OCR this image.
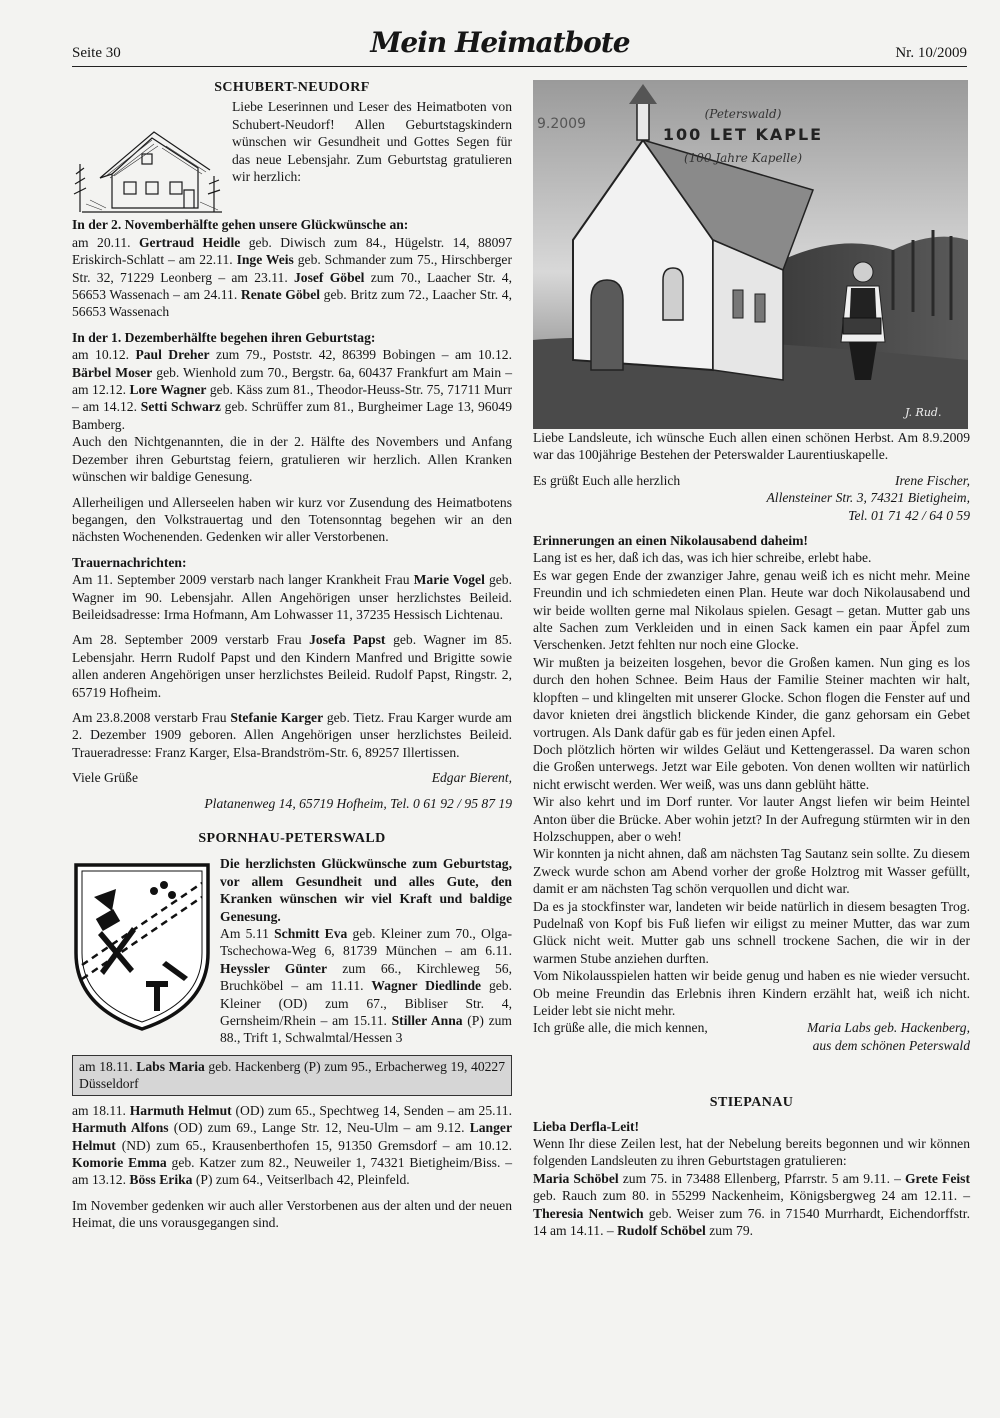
Seite 30	Mein Heimatbote	Nr. 10/2009
SCHUBERT-NEUDORF

Liebe Leserinnen und Leser des Heimatboten von Schubert-Neudorf! Allen Geburtstagskindern wünschen wir Gesundheit und Gottes Segen für das neue Lebensjahr. Zum Geburtstag gratulieren wir herzlich:

In der 2. Novemberhälfte gehen unsere Glückwünsche an:

am 20.11. Gertraud Heidle geb. Diwisch zum 84., Hügelstr. 14, 88097 Eriskirch-Schlatt – am 22.11. Inge Weis geb. Schmander zum 75., Hirschberger Str. 32, 71229 Leonberg – am 23.11. Josef Göbel zum 70., Laacher Str. 4, 56653 Wassenach – am 24.11. Renate Göbel geb. Britz zum 72., Laacher Str. 4, 56653 Wassenach

In der 1. Dezemberhälfte begehen ihren Geburtstag:

am 10.12. Paul Dreher zum 79., Poststr. 42, 86399 Bobingen – am 10.12. Bärbel Moser geb. Wienhold zum 70., Bergstr. 6a, 60437 Frankfurt am Main – am 12.12. Lore Wagner geb. Käss zum 81., Theodor-Heuss-Str. 75, 71711 Murr – am 14.12. Setti Schwarz geb. Schrüffer zum 81., Burgheimer Lage 13, 96049 Bamberg.

Auch den Nichtgenannten, die in der 2. Hälfte des Novembers und Anfang Dezember ihren Geburtstag feiern, gratulieren wir herzlich. Allen Kranken wünschen wir baldige Genesung.

Allerheiligen und Allerseelen haben wir kurz vor Zusendung des Heimatbotens begangen, den Volkstrauertag und den Totensonntag begehen wir an den nächsten Wochenenden. Gedenken wir aller Verstorbenen.

Trauernachrichten:

Am 11. September 2009 verstarb nach langer Krankheit Frau Marie Vogel geb. Wagner im 90. Lebensjahr. Allen Angehörigen unser herzlichstes Beileid. Beileidsadresse: Irma Hofmann, Am Lohwasser 11, 37235 Hessisch Lichtenau.

Am 28. September 2009 verstarb Frau Josefa Papst geb. Wagner im 85. Lebensjahr. Herrn Rudolf Papst und den Kindern Manfred und Brigitte sowie allen anderen Angehörigen unser herzlichstes Beileid. Rudolf Papst, Ringstr. 2, 65719 Hofheim.

Am 23.8.2008 verstarb Frau Stefanie Karger geb. Tietz. Frau Karger wurde am 2. Dezember 1909 geboren. Allen Angehörigen unser herzlichstes Beileid. Traueradresse: Franz Karger, Elsa-Brandström-Str. 6, 89257 Illertissen.

Viele Grüße	Edgar Bierent,

Platanenweg 14, 65719 Hofheim, Tel. 0 61 92 / 95 87 19

SPORNHAU-PETERSWALD

Die herzlichsten Glückwünsche zum Geburtstag, vor allem Gesundheit und alles Gute, den Kranken wünschen wir viel Kraft und baldige Genesung.

Am 5.11 Schmitt Eva geb. Kleiner zum 70., Olga-Tschechowa-Weg 6, 81739 München – am 6.11. Heyssler Günter zum 66., Kirchleweg 56, Bruchköbel – am 11.11. Wagner Diedlinde geb. Kleiner (OD) zum 67., Bibliser Str. 4, Gernsheim/Rhein – am 15.11. Stiller Anna (P) zum 88., Trift 1, Schwalmtal/Hessen 3

am 18.11. Labs Maria geb. Hackenberg (P) zum 95., Erbacherweg 19, 40227 Düsseldorf

am 18.11. Harmuth Helmut (OD) zum 65., Spechtweg 14, Senden – am 25.11. Harmuth Alfons (OD) zum 69., Lange Str. 12, Neu-Ulm – am 9.12. Langer Helmut (ND) zum 65., Krausenberthofen 15, 91350 Gremsdorf – am 10.12. Komorie Emma geb. Katzer zum 82., Neuweiler 1, 74321 Bietigheim/Biss. – am 13.12. Böss Erika (P) zum 64., Veitserlbach 42, Pleinfeld.

Im November gedenken wir auch aller Verstorbenen aus der alten und der neuen Heimat, die uns vorausgegangen sind.

(Peterswald)
100 LET KAPLE
(100 Jahre Kapelle)
9.2009
J. Rud.

Liebe Landsleute, ich wünsche Euch allen einen schönen Herbst. Am 8.9.2009 war das 100jährige Bestehen der Peterswalder Laurentiuskapelle.

Es grüßt Euch alle herzlich	Irene Fischer,

Allensteiner Str. 3, 74321 Bietigheim,

Tel. 01 71 42 / 64 0 59

Erinnerungen an einen Nikolausabend daheim!

Lang ist es her, daß ich das, was ich hier schreibe, erlebt habe.

Es war gegen Ende der zwanziger Jahre, genau weiß ich es nicht mehr. Meine Freundin und ich schmiedeten einen Plan. Heute war doch Nikolausabend und wir beide wollten gerne mal Nikolaus spielen. Gesagt – getan. Mutter gab uns alte Sachen zum Verkleiden und in einen Sack kamen ein paar Äpfel zum Verschenken. Jetzt fehlten nur noch eine Glocke.

Wir mußten ja beizeiten losgehen, bevor die Großen kamen. Nun ging es los durch den hohen Schnee. Beim Haus der Familie Steiner machten wir halt, klopften – und klingelten mit unserer Glocke. Schon flogen die Fenster auf und davor knieten drei ängstlich blickende Kinder, die ganz gehorsam ein Gebet vortrugen. Als Dank dafür gab es für jeden einen Apfel.

Doch plötzlich hörten wir wildes Geläut und Kettengerassel. Da waren schon die Großen unterwegs. Jetzt war Eile geboten. Von denen wollten wir natürlich nicht erwischt werden. Wer weiß, was uns dann geblüht hätte.

Wir also kehrt und im Dorf runter. Vor lauter Angst liefen wir beim Heintel Anton über die Brücke. Aber wohin jetzt? In der Aufregung stürmten wir in den Holzschuppen, aber o weh!

Wir konnten ja nicht ahnen, daß am nächsten Tag Sautanz sein sollte. Zu diesem Zweck wurde schon am Abend vorher der große Holztrog mit Wasser gefüllt, damit er am nächsten Tag schön verquollen und dicht war.

Da es ja stockfinster war, landeten wir beide natürlich in diesem besagten Trog. Pudelnaß von Kopf bis Fuß liefen wir eiligst zu meiner Mutter, das war zum Glück nicht weit. Mutter gab uns schnell trockene Sachen, die wir in der warmen Stube anziehen durften.

Vom Nikolausspielen hatten wir beide genug und haben es nie wieder versucht. Ob meine Freundin das Erlebnis ihren Kindern erzählt hat, weiß ich nicht. Leider lebt sie nicht mehr.

Ich grüße alle, die mich kennen,	Maria Labs geb. Hackenberg,

aus dem schönen Peterswald

STIEPANAU

Lieba Derfla-Leit!

Wenn Ihr diese Zeilen lest, hat der Nebelung bereits begonnen und wir können folgenden Landsleuten zu ihren Geburtstagen gratulieren:

Maria Schöbel zum 75. in 73488 Ellenberg, Pfarrstr. 5 am 9.11. – Grete Feist geb. Rauch zum 80. in 55299 Nackenheim, Königsbergweg 24 am 12.11. – Theresia Nentwich geb. Weiser zum 76. in 71540 Murrhardt, Eichendorffstr. 14 am 14.11. – Rudolf Schöbel zum 79.
